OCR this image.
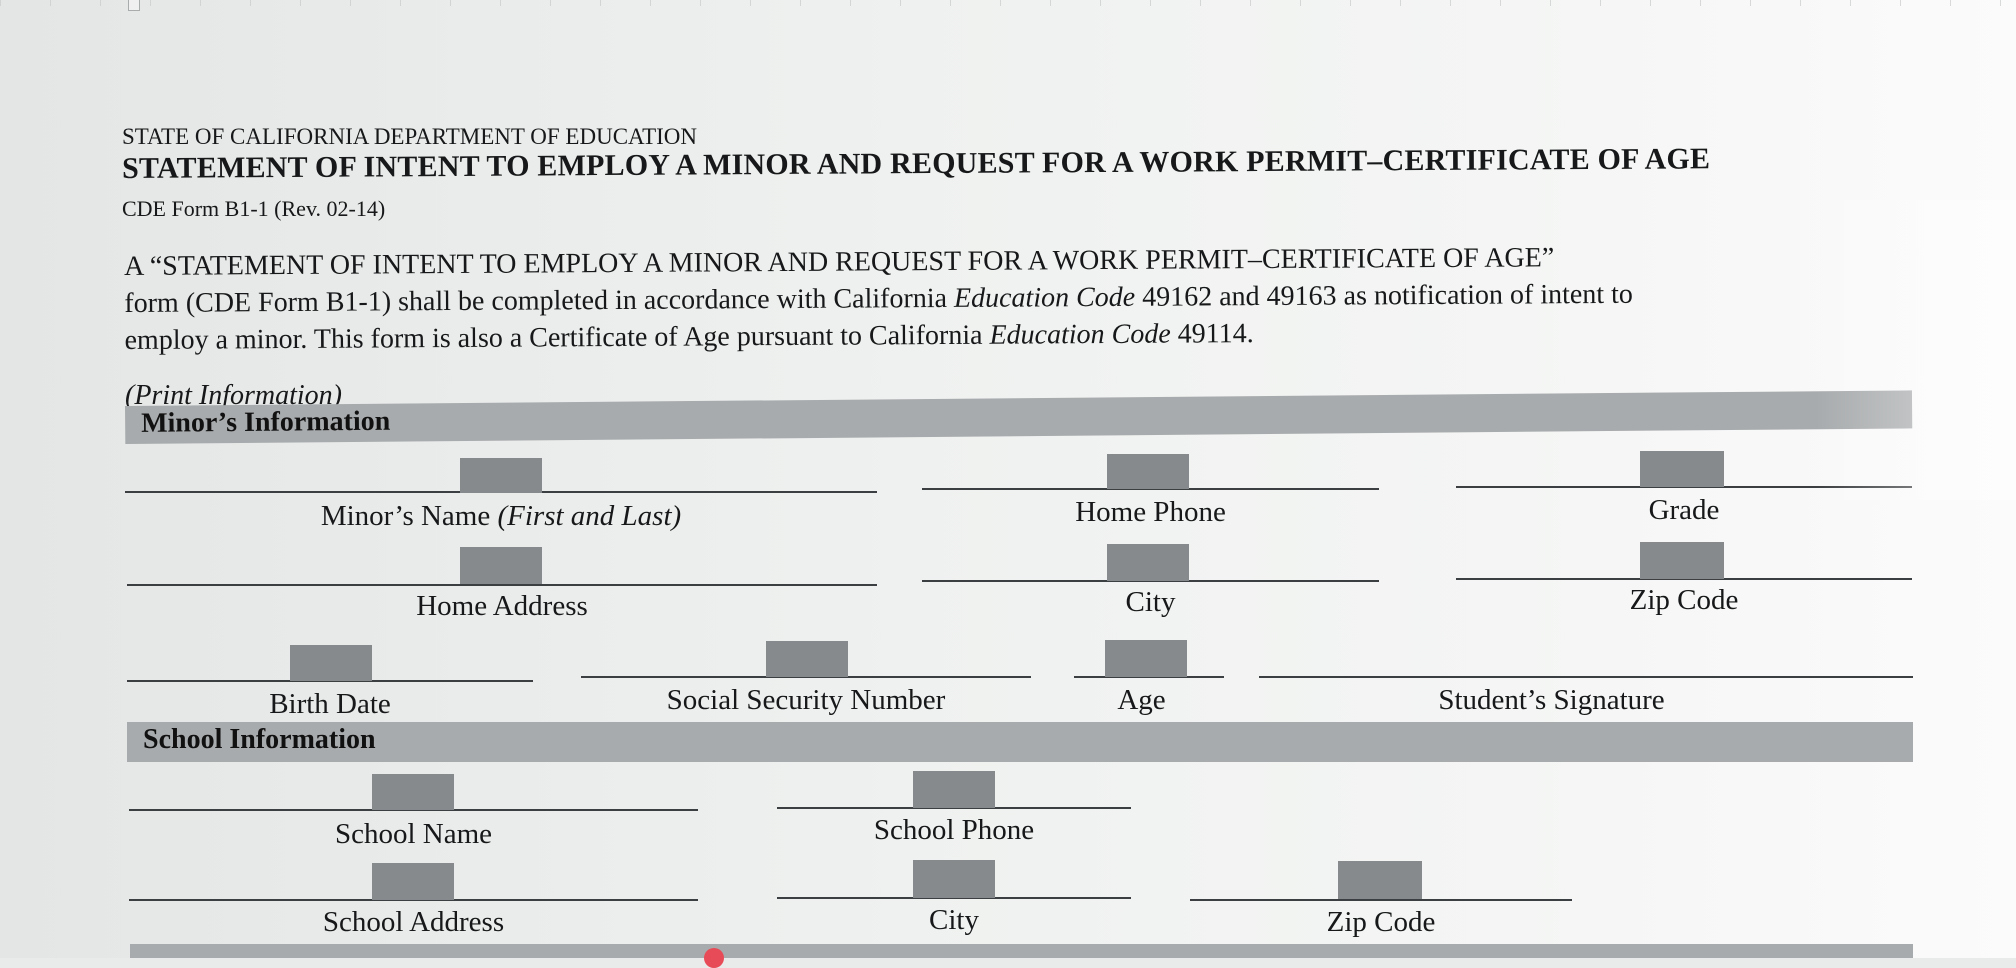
STATE OF CALIFORNIA DEPARTMENT OF EDUCATION
STATEMENT OF INTENT TO EMPLOY A MINOR AND REQUEST FOR A WORK PERMIT–CERTIFICATE OF AGE
CDE Form B1-1 (Rev. 02-14)

A “STATEMENT OF INTENT TO EMPLOY A MINOR AND REQUEST FOR A WORK PERMIT–CERTIFICATE OF AGE”

form (CDE Form B1-1) shall be completed in accordance with California Education Code 49162 and 49163 as notification of intent to

employ a minor. This form is also a Certificate of Age pursuant to California Education Code 49114.

(Print Information)
Minor’s Information
Minor’s Name (First and Last)	Home Phone	Grade
Home Address	City	Zip Code
Birth Date	Social Security Number	Age	Student’s Signature
School Information
School Name	School Phone
School Address	City	Zip Code
